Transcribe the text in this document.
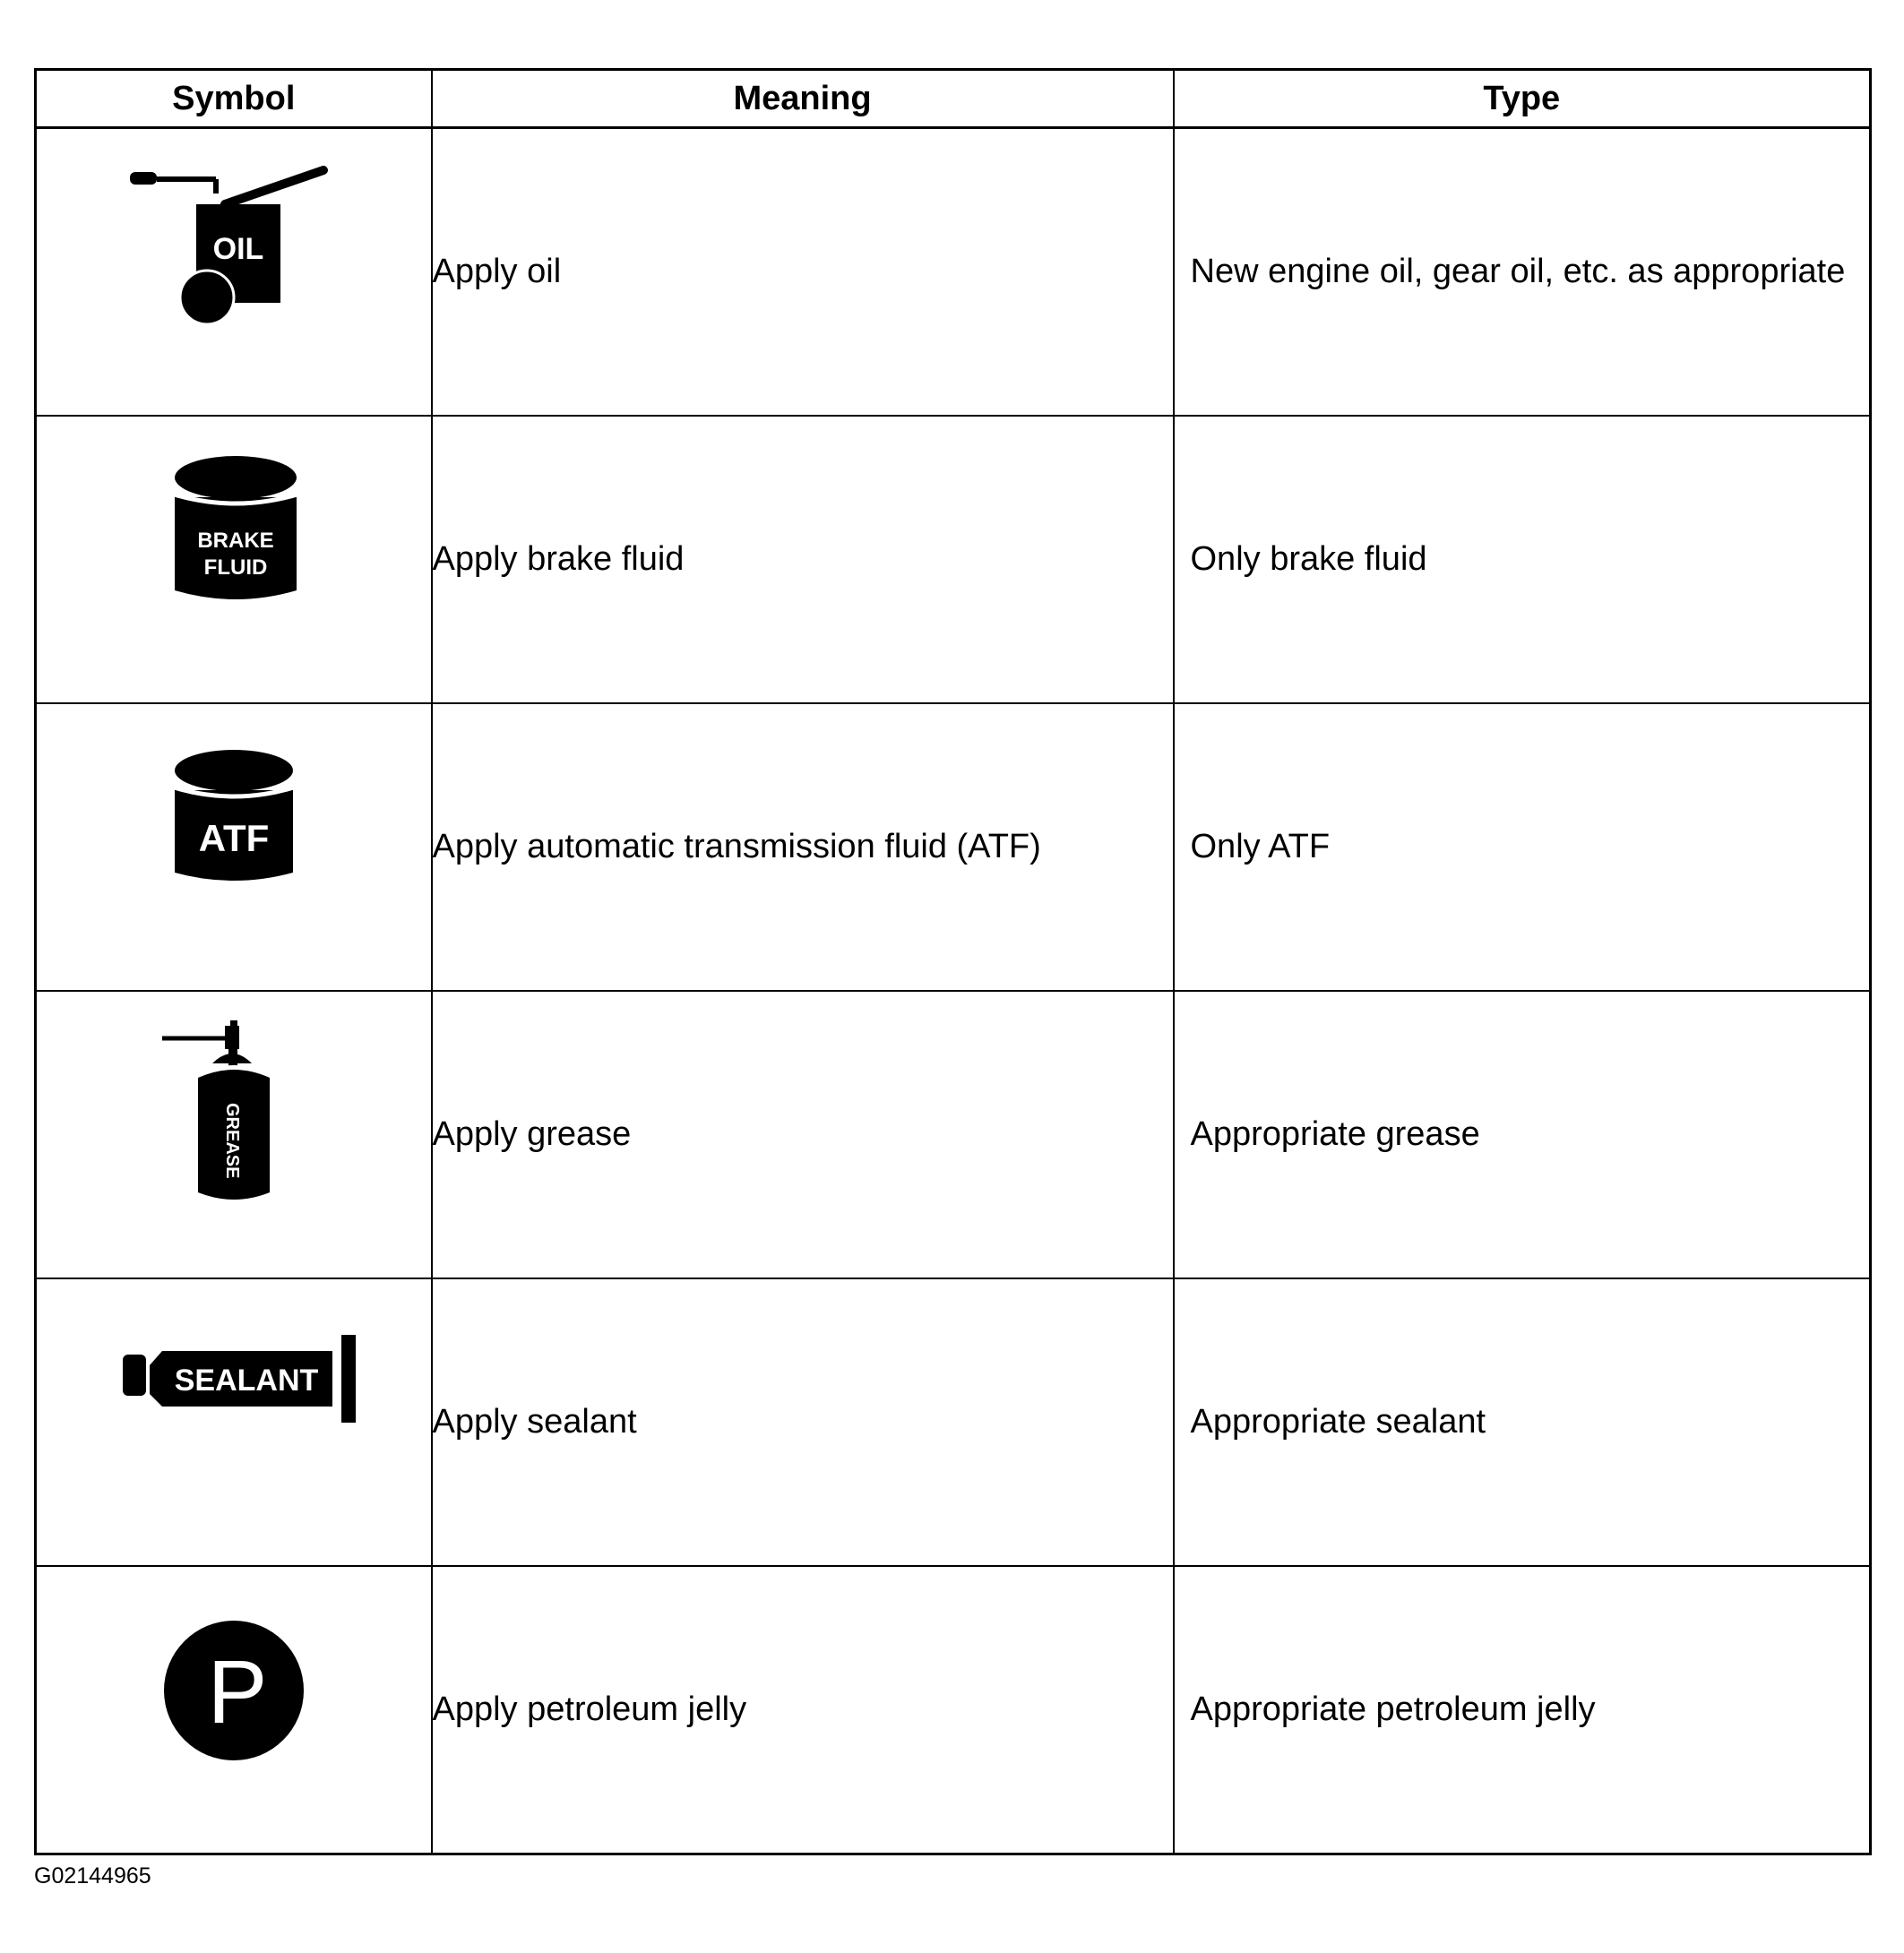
Symbol	Meaning	Type

OIL	Apply oil	New engine oil, gear oil, etc. as appropriate

BRAKE
FLUID	Apply brake fluid	Only brake fluid

ATF	Apply automatic transmission fluid (ATF)	Only ATF

GREASE	Apply grease	Appropriate grease

SEALANT	Apply sealant	Appropriate sealant

P	Apply petroleum jelly	Appropriate petroleum jelly
G02144965
